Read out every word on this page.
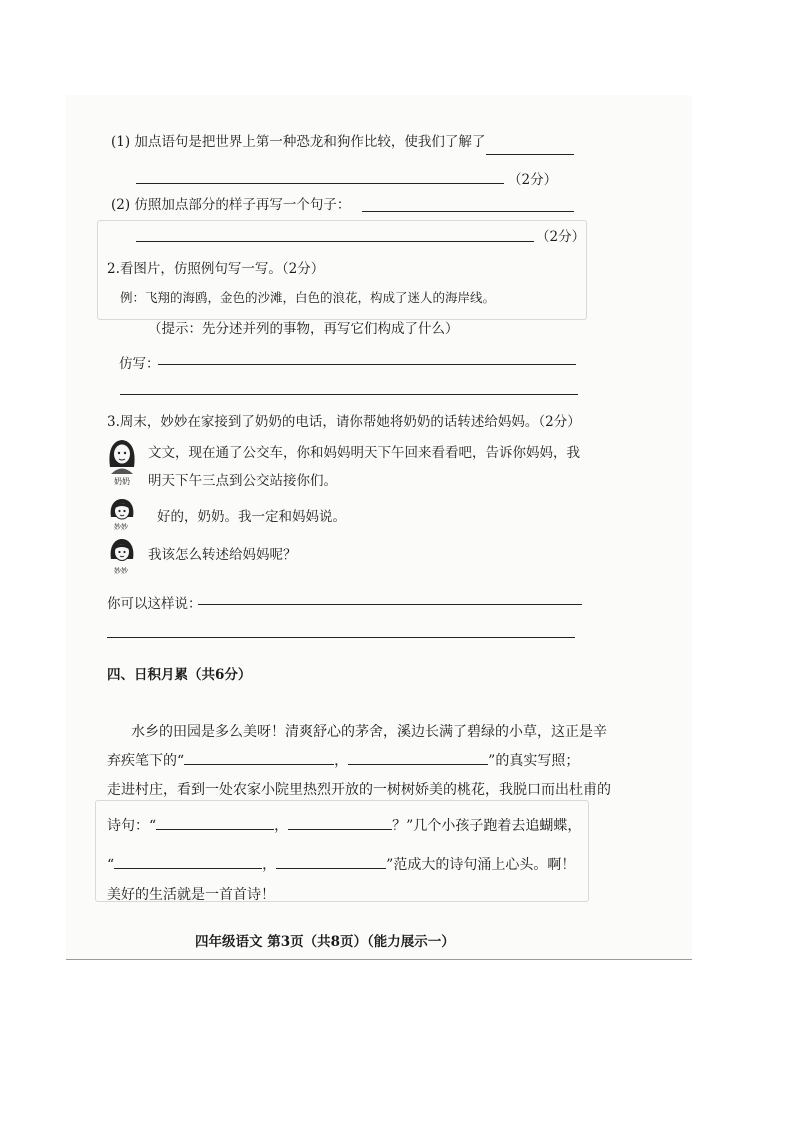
(1) 加点语句是把世界上第一种恐龙和狗作比较，使我们了解了
（2分）
(2) 仿照加点部分的样子再写一个句子：
（2分）
2.看图片，仿照例句写一写。（2分）
例：飞翔的海鸥，金色的沙滩，白色的浪花，构成了迷人的海岸线。
（提示：先分述并列的事物，再写它们构成了什么）
仿写：
3.周末，妙妙在家接到了奶奶的电话，请你帮她将奶奶的话转述给妈妈。（2分）
奶奶
文文，现在通了公交车，你和妈妈明天下午回来看看吧，告诉你妈妈，我
明天下午三点到公交站接你们。
妙妙
好的，奶奶。我一定和妈妈说。
妙妙
我该怎么转述给妈妈呢？
你可以这样说：
四、日积月累（共6分）
水乡的田园是多么美呀！清爽舒心的茅舍，溪边长满了碧绿的小草，这正是辛
弃疾笔下的“	，	”的真实写照；
走进村庄，看到一处农家小院里热烈开放的一树树娇美的桃花，我脱口而出杜甫的
诗句：“	，	？”几个小孩子跑着去追蝴蝶，
“	，	”范成大的诗句涌上心头。啊！
美好的生活就是一首首诗！
四年级语文 第3页（共8页）（能力展示一）
